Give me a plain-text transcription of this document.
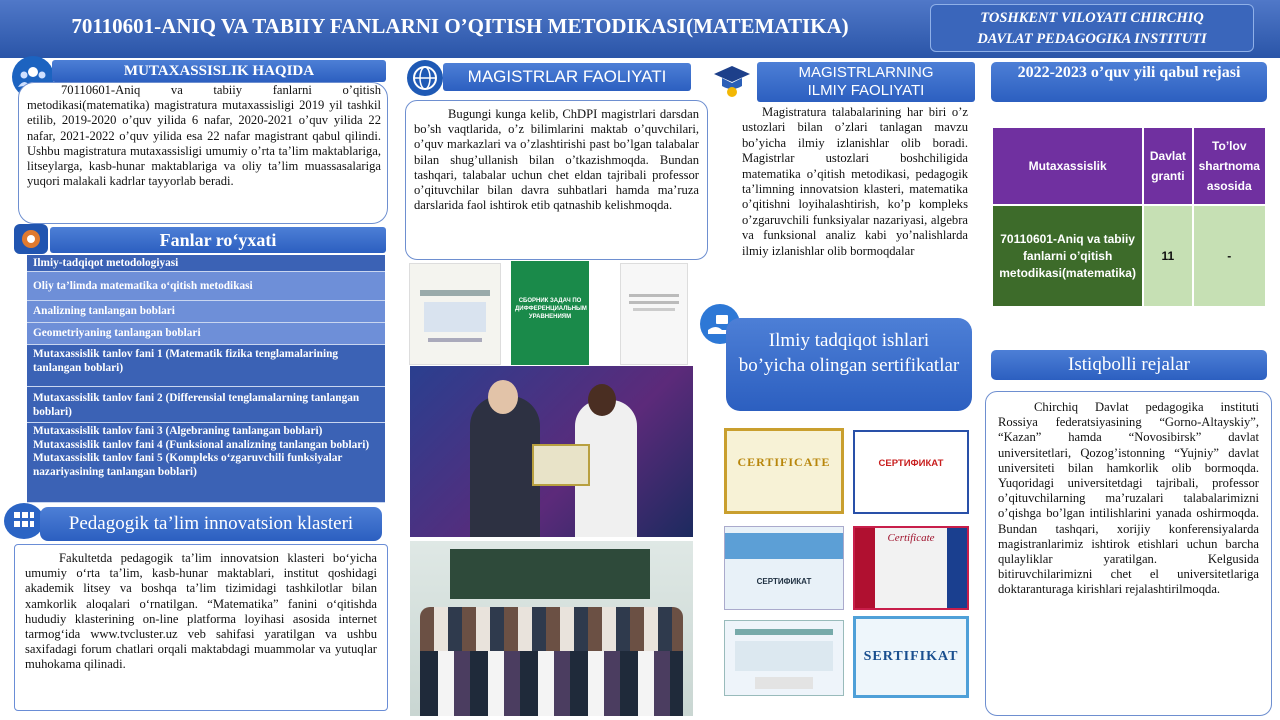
70110601-ANIQ VA TABIIY FANLARNI O’QITISH METODIKASI(MATEMATIKA)	TOSHKENT VILOYATI CHIRCHIQ
DAVLAT PEDAGOGIKA INSTITUTI
MUTAXASSISLIK HAQIDA

70110601-Aniq va tabiiy fanlarni o’qitish metodikasi(matematika) magistratura mutaxassisligi 2019 yil tashkil etilib, 2019-2020 o’quv yilida 6 nafar, 2020-2021 o’quv yilida 22 nafar, 2021-2022 o’quv yilida esa 22 nafar magistrant qabul qilindi. Ushbu magistratura mutaxassisligi umumiy o’rta ta’lim maktablariga, litseylarga, kasb-hunar maktablariga va oliy ta’lim muassasalariga yuqori malakali kadrlar tayyorlab beradi.

Fanlar ro‘yxati
Ilmiy-tadqiqot metodologiyasi
Oliy ta’limda matematika o‘qitish metodikasi
Analizning tanlangan boblari
Geometriyaning tanlangan boblari
Mutaxassislik tanlov fani 1 (Matematik fizika tenglamalarining tanlangan boblari)
Mutaxassislik tanlov fani 2 (Differensial tenglamalarning tanlangan boblari)
Mutaxassislik tanlov fani 3 (Algebraning tanlangan boblari)
Mutaxassislik tanlov fani 4 (Funksional analizning tanlangan boblari)
Mutaxassislik tanlov fani 5 (Kompleks o‘zgaruvchili funksiyalar nazariyasining tanlangan boblari)
Pedagogik ta’lim innovatsion klasteri

Fakultetda pedagogik ta’lim innovatsion klasteri bo‘yicha umumiy o‘rta ta’lim, kasb-hunar maktablari, institut qoshidagi akademik litsey va boshqa ta’lim tizimidagi tashkilotlar bilan xamkorlik aloqalari o‘rnatilgan. “Matematika” fanini o‘qitishda hududiy klasterining on-line platforma loyihasi asosida internet tarmog‘ida www.tvcluster.uz veb sahifasi yaratilgan va ushbu saxifadagi forum chatlari orqali maktabdagi muammolar va yutuqlar muhokama qilinadi.

MAGISTRLAR FAOLIYATI

Bugungi kunga kelib, ChDPI magistrlari darsdan bo’sh vaqtlarida, o’z bilimlarini maktab o’quvchilari, o’quv markazlari va o’zlashtirishi past bo’lgan talabalar bilan shug’ullanish bilan o’tkazishmoqda. Bundan tashqari, talabalar uchun chet eldan tajribali professor o’qituvchilar bilan davra suhbatlari hamda ma’ruza darslarida faol ishtirok etib qatnashib kelishmoqda.

СБОРНИК ЗАДАЧ ПО ДИФФЕРЕНЦИАЛЬНЫМ УРАВНЕНИЯМ
MAGISTRLARNING
ILMIY FAOLIYATI

Magistratura talabalarining har biri o’z ustozlari bilan o’zlari tanlagan mavzu bo’yicha ilmiy izlanishlar olib boradi. Magistrlar ustozlari boshchiligida matematika o’qitish metodikasi, pedagogik ta’limning innovatsion klasteri, matematika o’qitishni loyihalashtirish, ko’p kompleks o’zgaruvchili funksiyalar nazariyasi, algebra va funksional analiz kabi yo’nalishlarda ilmiy izlanishlar olib bormoqdalar

Ilmiy tadqiqot ishlari bo’yicha olingan sertifikatlar
CERTIFICATE	СЕРТИФИКАТ
СЕРТИФИКАТ
Certificate
SERTIFIKAT
2022-2023 o’quv yili qabul rejasi
Mutaxassislik	Davlat granti	To’lov shartnoma asosida
70110601-Aniq va tabiiy fanlarni o’qitish metodikasi(matematika)	11	-
Istiqbolli rejalar

Chirchiq Davlat pedagogika instituti Rossiya federatsiyasining “Gorno-Altayskiy”, “Kazan” hamda “Novosibirsk” davlat universitetlari, Qozog’istonning “Yujniy” davlat universiteti bilan hamkorlik olib bormoqda. Yuqoridagi universitetdagi tajribali, professor o’qituvchilarning ma’ruzalari talabalarimizni o’qishga bo’lgan intilishlarini yanada oshirmoqda. Bundan tashqari, xorijiy konferensiyalarda magistranlarimiz ishtirok etishlari uchun barcha qulayliklar yaratilgan. Kelgusida bitiruvchilarimizni chet el universitetlariga doktaranturaga kirishlari rejalashtirilmoqda.
